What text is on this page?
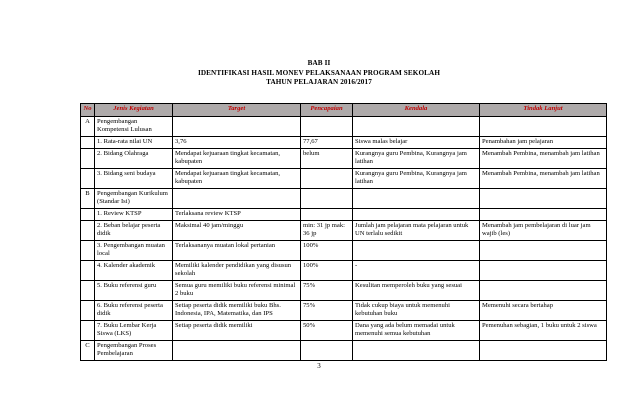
BAB II
IDENTIFIKASI HASIL MONEV PELAKSANAAN PROGRAM SEKOLAH
TAHUN PELAJARAN 2016/2017
No	Jenis Kegiatan	Target	Pencapaian	Kendala	Tindak Lanjut
A	Pengembangan Kompetensi Lulusan				
	1. Rata-rata nilai UN	3,76	77,67	Siswa malas belajar	Penambahan jam pelajaran
	2. Bidang Olahraga	Mendapat kejuaraan tingkat kecamatan, kabupaten	belum	Kurangnya guru Pembina, Kurangnya jam latihan	Menambah Pembina, menambah jam latihan
	3. Bidang seni budaya	Mendapat kejuaraan tingkat kecamatan, kabupaten		Kurangnya guru Pembina, Kurangnya jam latihan	Menambah Pembina, menambah jam latihan
B	Pengembangan Kurikulum (Standar Isi)				
	1. Review KTSP	Terlaksana review KTSP			
	2. Beban belajar peserta didik	Maksimal 40 jam/minggu	min: 31 jp mak: 36 jp	Jumlah jam pelajaran mata pelajaran untuk UN terlalu sedikit	Menambah jam pembelajaran di luar jam wajib (les)
	3. Pengembangan muatan local	Terlaksananya muatan lokal pertanian	100%		
	4. Kalender akademik	Memiliki kalender pendidikan yang disusun sekolah	100%	-	
	5. Buku referensi guru	Semua guru memiliki buku referensi minimal 2 buku	75%	Kesulitan memperoleh buku yang sesuai	
	6. Buku referensi peserta didik	Setiap peserta didik memiliki buku Bhs. Indonesia, IPA, Matematika, dan IPS	75%	Tidak cukup biaya untuk memenuhi kebutuhan buku	Memenuhi secara bertahap
	7. Buku Lembar Kerja Siswa (LKS)	Setiap peserta didik memiliki	50%	Dana yang ada belum memadai untuk memenuhi semua kebutuhan	Pemenuhan sebagian, 1 buku untuk 2 siswa
C	Pengembangan Proses Pembelajaran				
3
